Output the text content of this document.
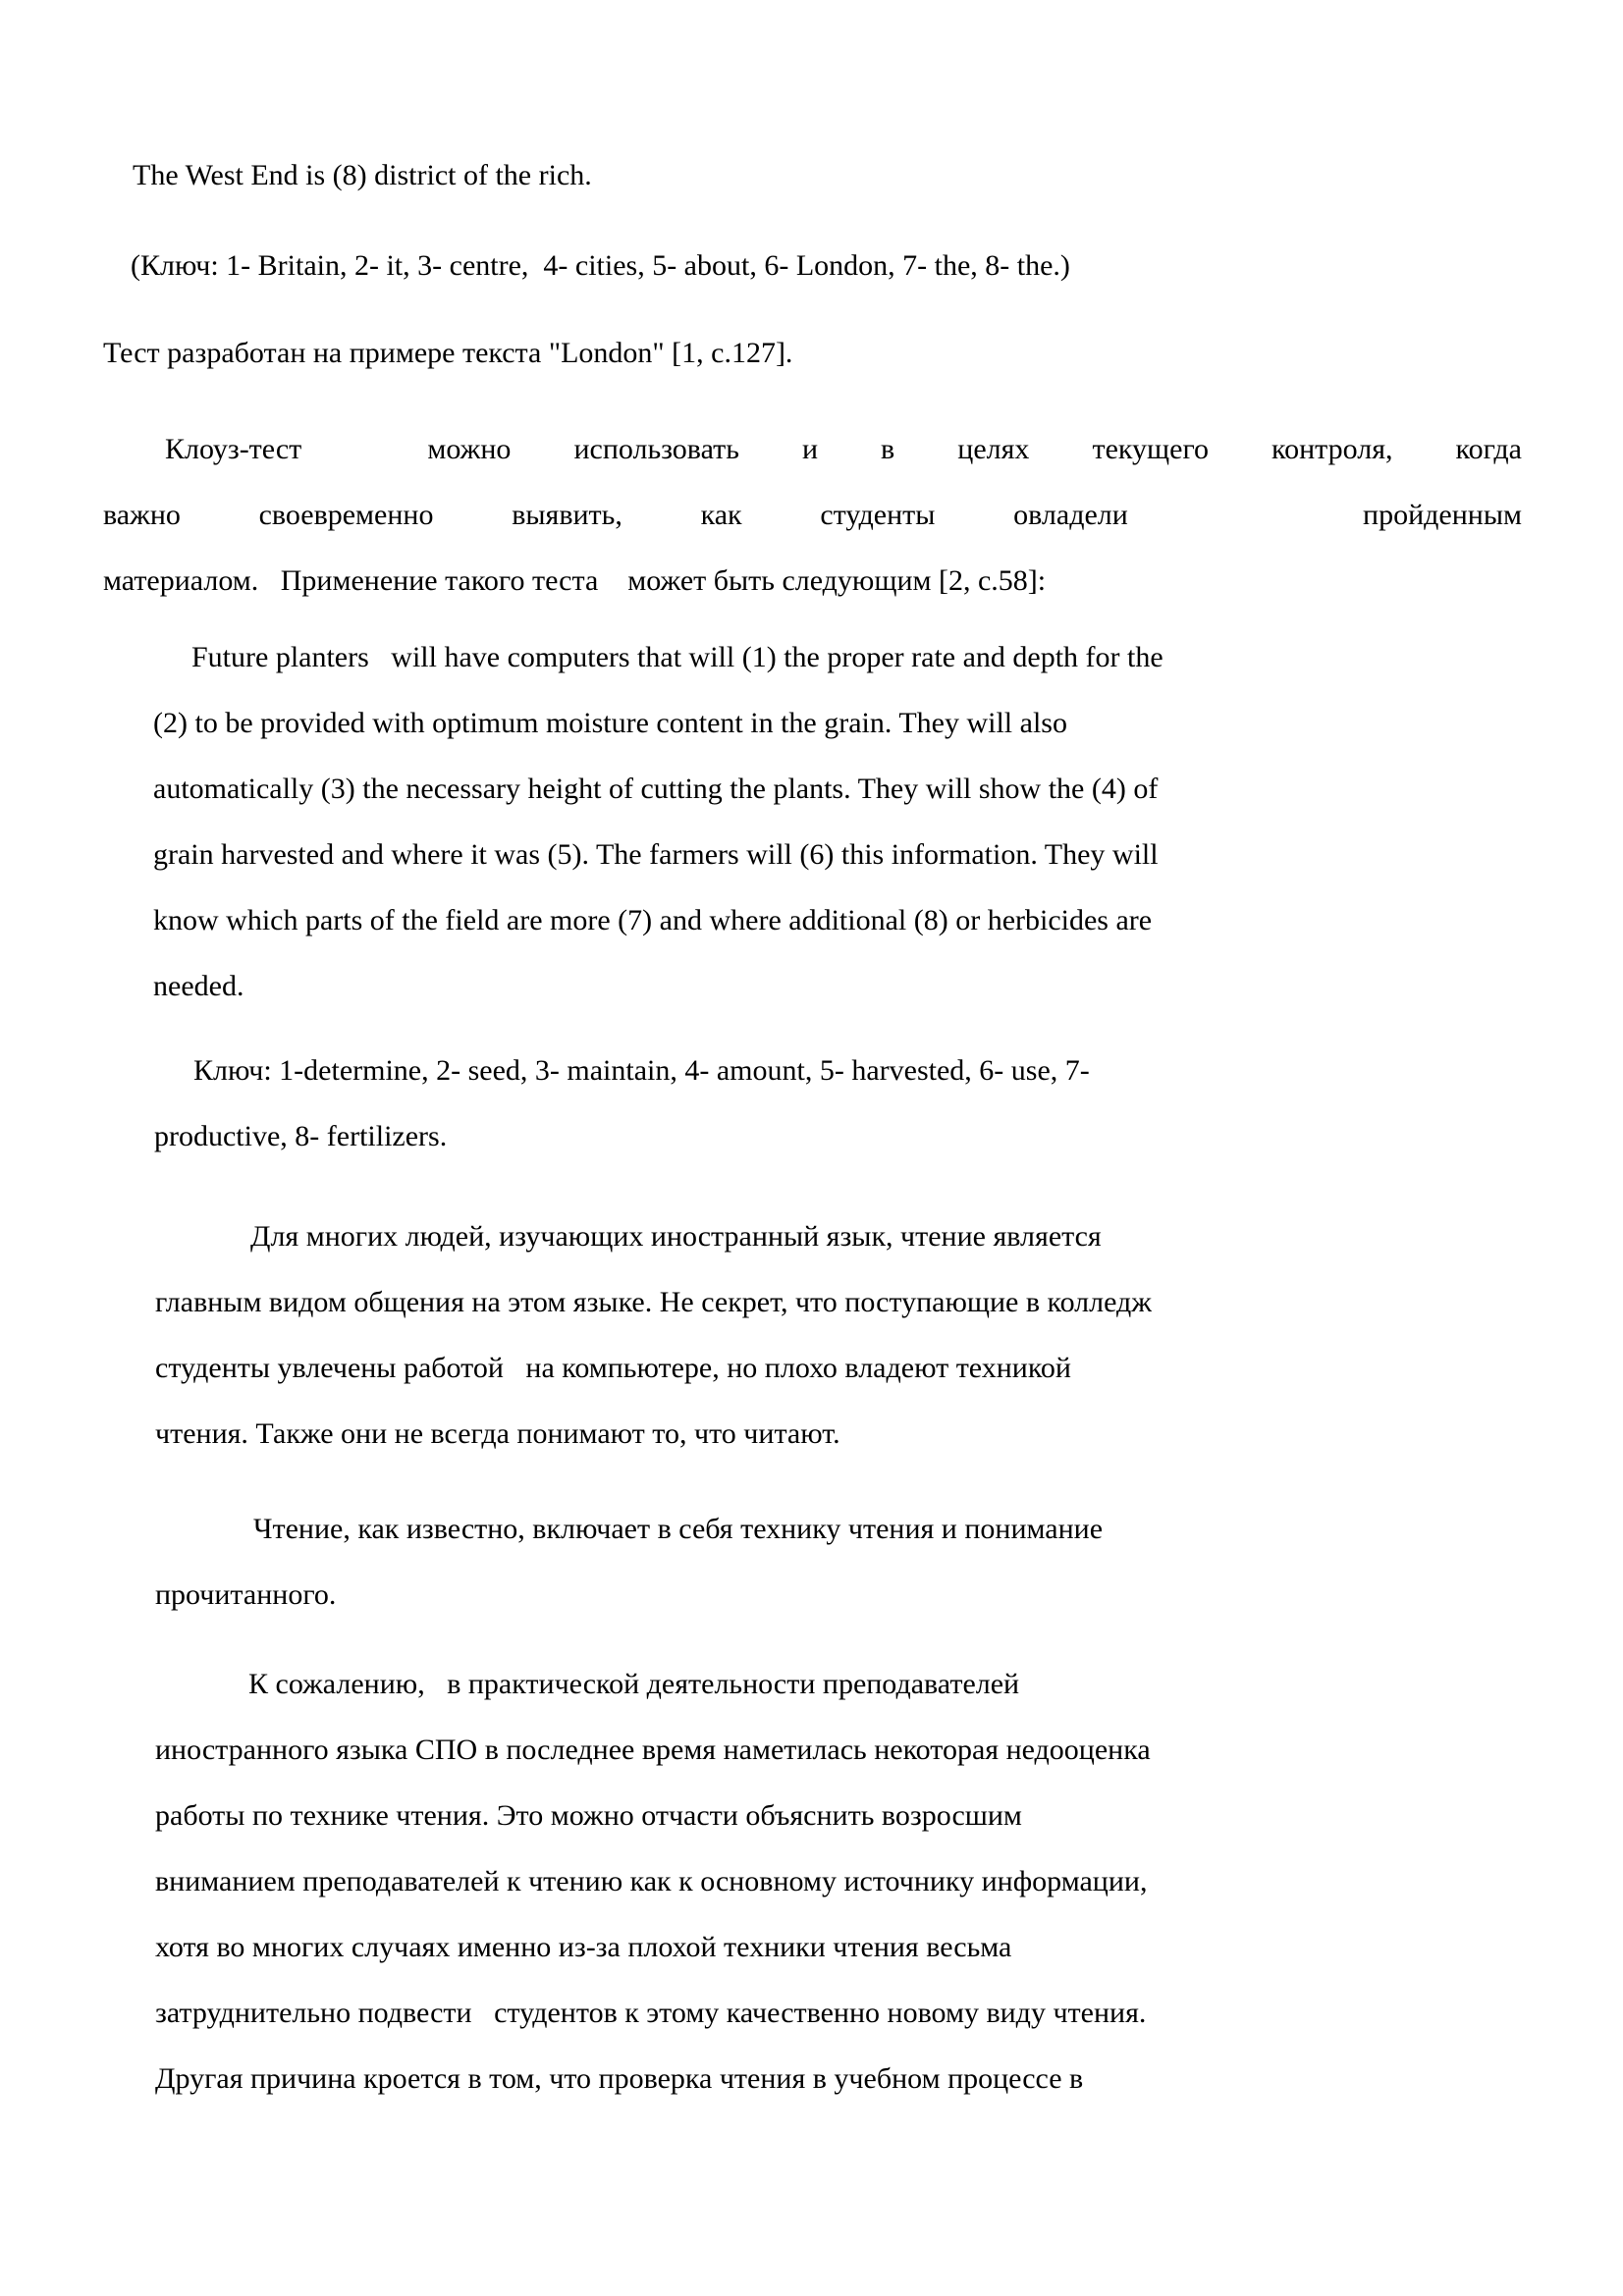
The West End is (8) district of the rich.
(Ключ: 1- Britain, 2- it, 3- centre,  4- cities, 5- about, 6- London, 7- the, 8- the.)
Тест разработан на примере текста "London" [1, с.127].
Клоуз-тест  можно использовать и в целях текущего контроля, когда
важно своевременно выявить, как студенты овладели   пройденным
материалом.   Применение такого теста    может быть следующим [2, с.58]:
Future planters   will have computers that will (1) the proper rate and depth for the
(2) to be provided with optimum moisture content in the grain. They will also
automatically (3) the necessary height of cutting the plants. They will show the (4) of
grain harvested and where it was (5). The farmers will (6) this information. They will
know which parts of the field are more (7) and where additional (8) or herbicides are
needed.
Ключ: 1-determine, 2- seed, 3- maintain, 4- amount, 5- harvested, 6- use, 7-
productive, 8- fertilizers.
Для многих людей, изучающих иностранный язык, чтение является
главным видом общения на этом языке. Не секрет, что поступающие в колледж
студенты увлечены работой   на компьютере, но плохо владеют техникой
чтения. Также они не всегда понимают то, что читают.
Чтение, как известно, включает в себя технику чтения и понимание
прочитанного.
К сожалению,   в практической деятельности преподавателей
иностранного языка СПО в последнее время наметилась некоторая недооценка
работы по технике чтения. Это можно отчасти объяснить возросшим
вниманием преподавателей к чтению как к основному источнику информации,
хотя во многих случаях именно из-за плохой техники чтения весьма
затруднительно подвести   студентов к этому качественно новому виду чтения.
Другая причина кроется в том, что проверка чтения в учебном процессе в
